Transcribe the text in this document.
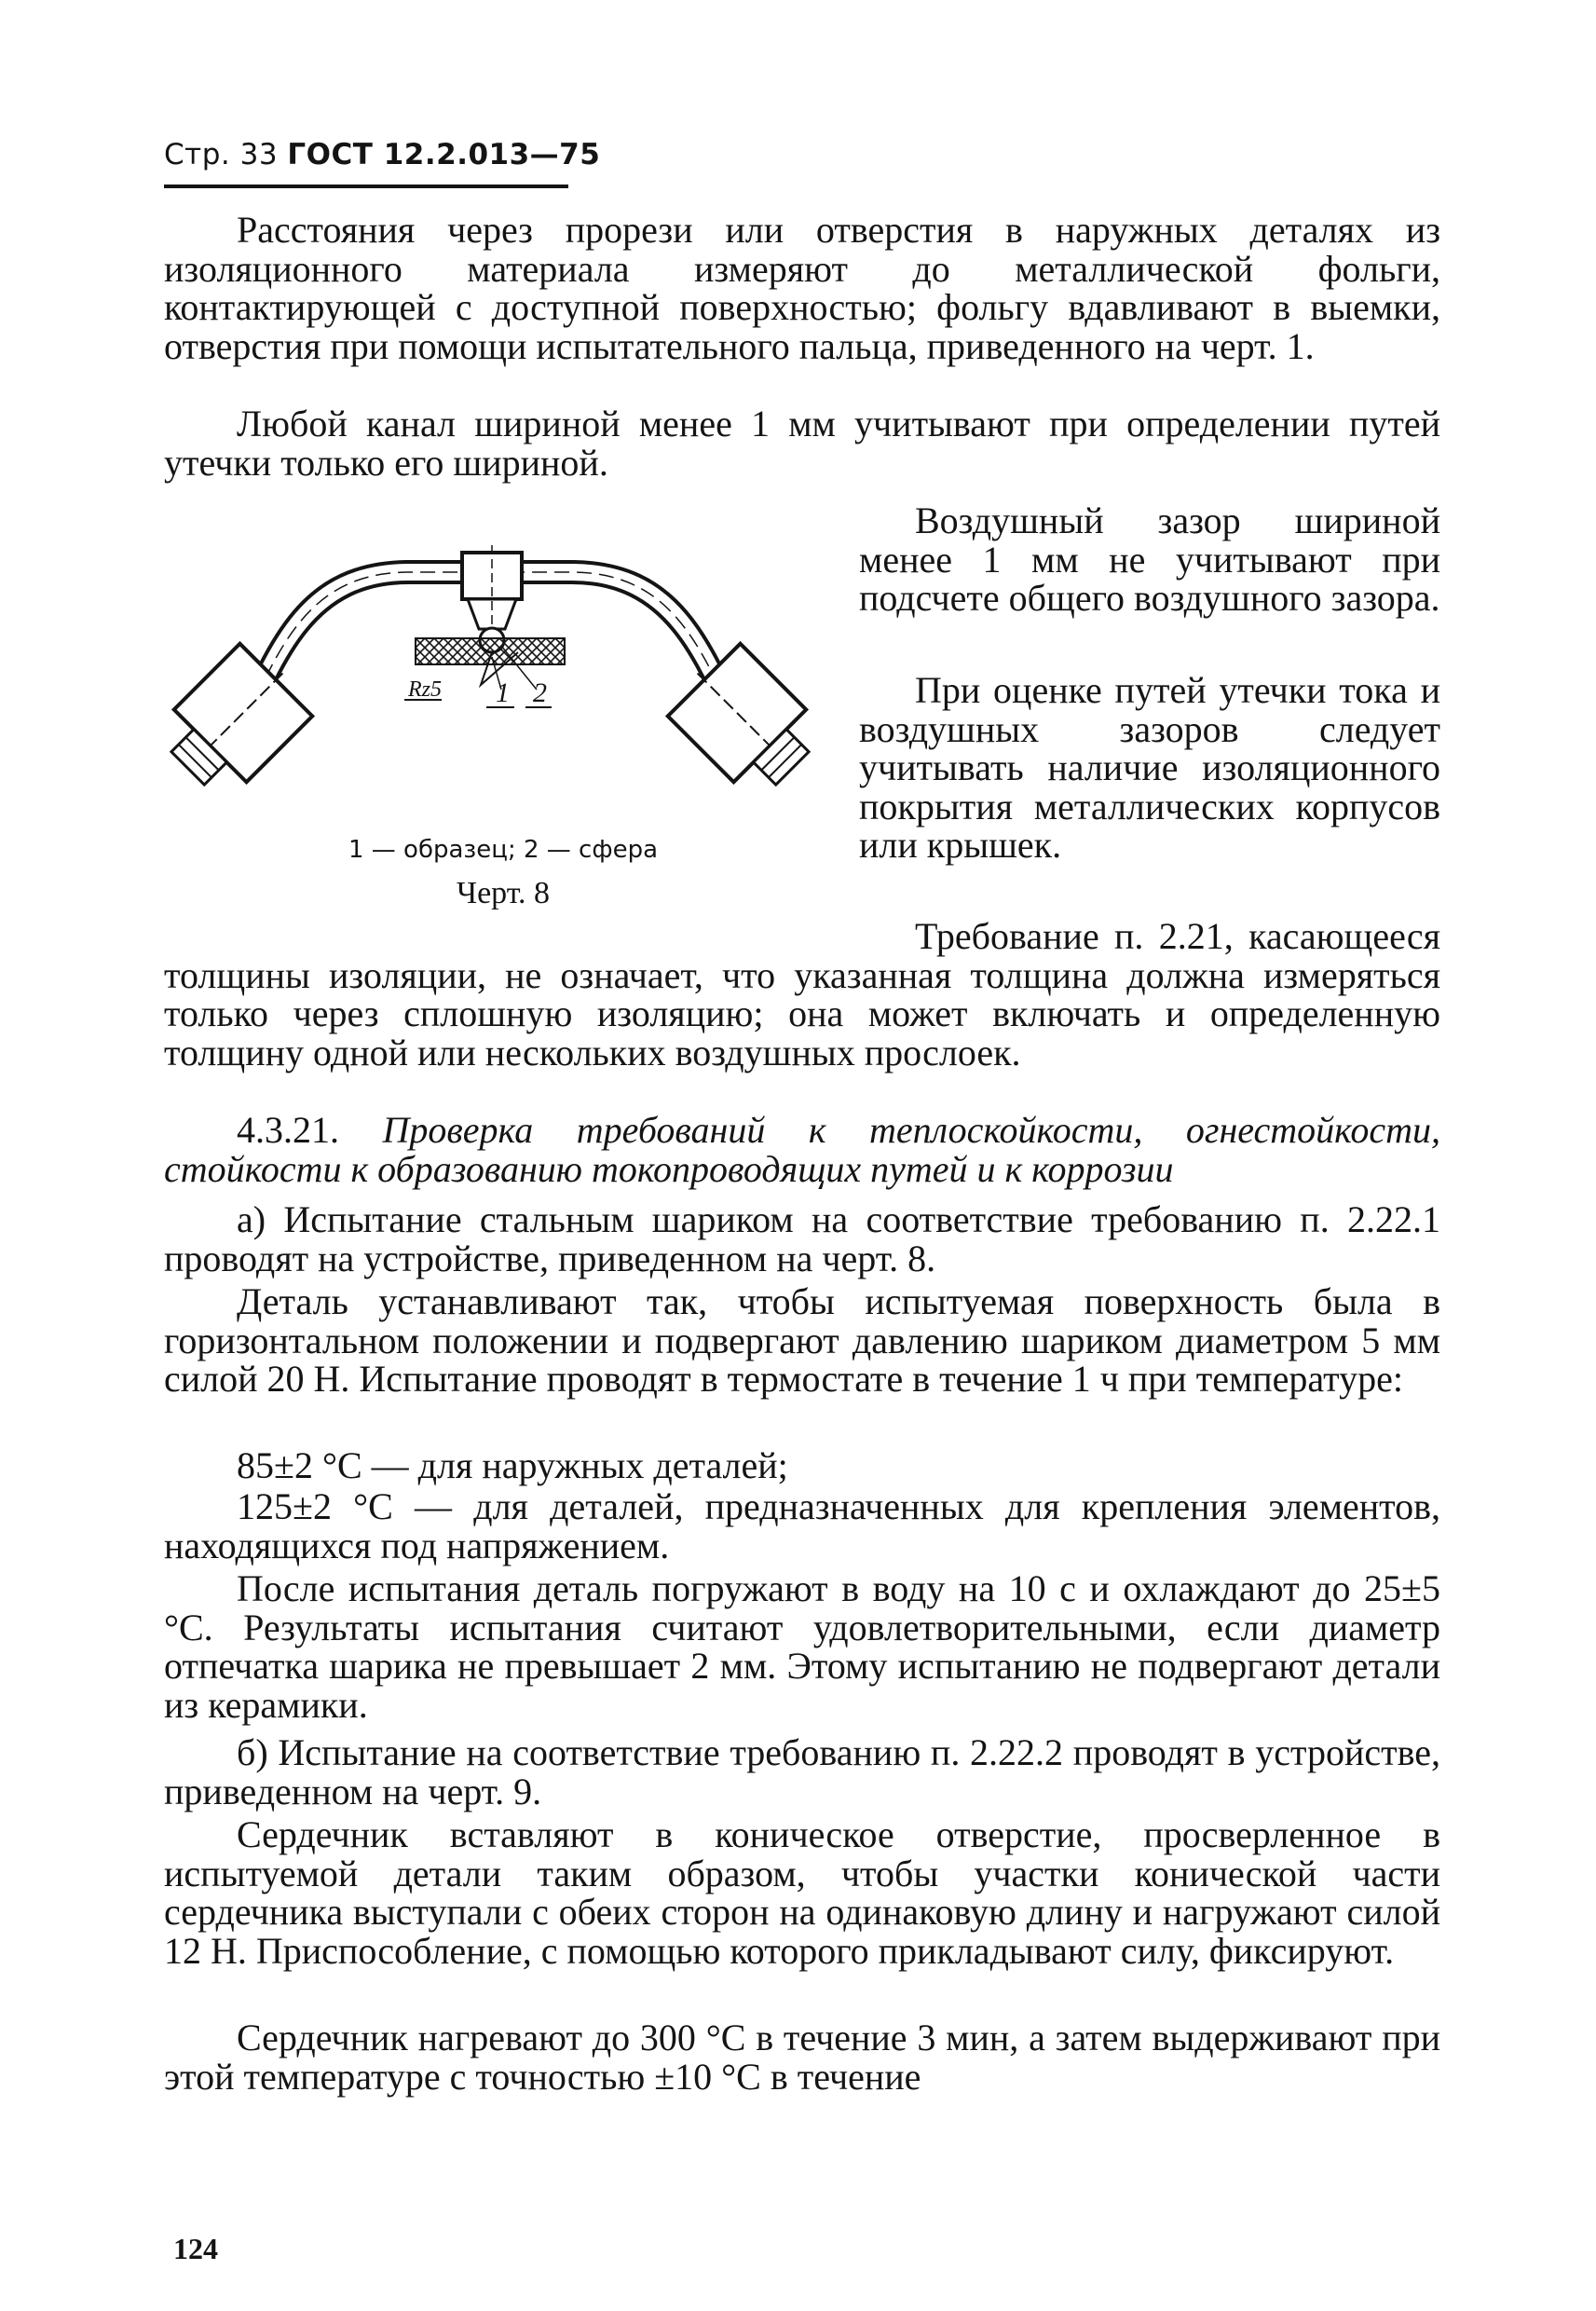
Стр. 33 ГОСТ 12.2.013—75

Расстояния через прорези или отверстия в наружных деталях из изоляционного материала измеряют до металлической фольги, контактирующей с доступной поверхностью; фольгу вдавливают в выемки, отверстия при помощи испытательного пальца, приведенного на черт. 1.

Любой канал шириной менее 1 мм учитывают при определении путей утечки только его шириной.

Rz5 1 2
1 — образец; 2 — сфера
Черт. 8

Воздушный зазор шириной менее 1 мм не учитывают при подсчете общего воздушного зазора.

При оценке путей утечки тока и воздушных зазоров следует учитывать наличие изоляционного покрытия металлических корпусов или крышек.

Требование п. 2.21, касающееся толщины изоляции, не означает, что указанная толщина должна измеряться только через сплошную изоляцию; она может включать и определенную толщину одной или нескольких воздушных прослоек.

4.3.21. Проверка требований к теплоскойкости, огнестойкости, стойкости к образованию токопроводящих путей и к коррозии

а) Испытание стальным шариком на соответствие требованию п. 2.22.1 проводят на устройстве, приведенном на черт. 8.

Деталь устанавливают так, чтобы испытуемая поверхность была в горизонтальном положении и подвергают давлению шариком диаметром 5 мм силой 20 Н. Испытание проводят в термостате в течение 1 ч при температуре:

85±2 °С — для наружных деталей;

125±2 °С — для деталей, предназначенных для крепления элементов, находящихся под напряжением.

После испытания деталь погружают в воду на 10 с и охлаждают до 25±5 °С. Результаты испытания считают удовлетворительными, если диаметр отпечатка шарика не превышает 2 мм. Этому испытанию не подвергают детали из керамики.

б) Испытание на соответствие требованию п. 2.22.2 проводят в устройстве, приведенном на черт. 9.

Сердечник вставляют в коническое отверстие, просверленное в испытуемой детали таким образом, чтобы участки конической части сердечника выступали с обеих сторон на одинаковую длину и нагружают силой 12 Н. Приспособление, с помощью которого прикладывают силу, фиксируют.

Сердечник нагревают до 300 °С в течение 3 мин, а затем выдерживают при этой температуре с точностью ±10 °С в течение

124
